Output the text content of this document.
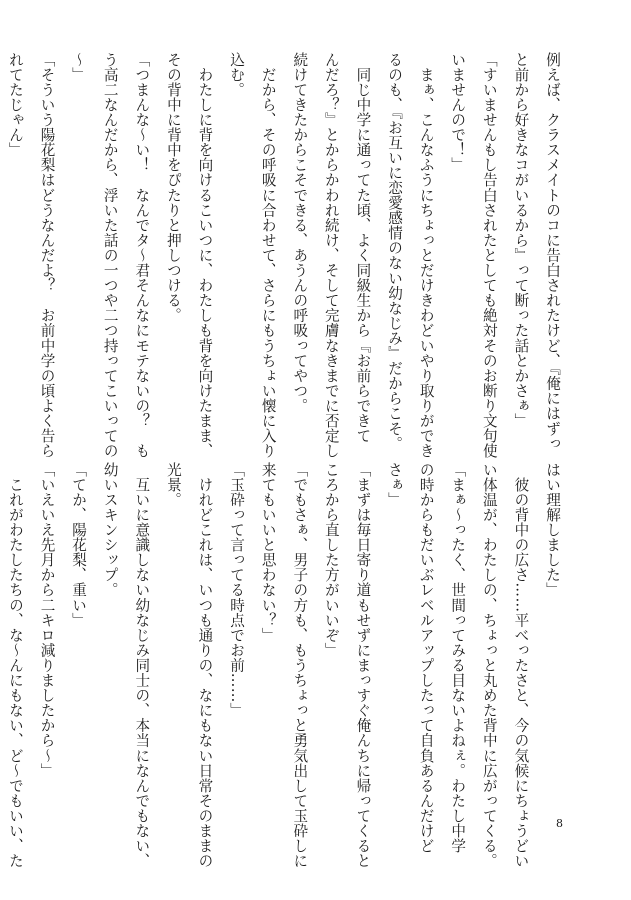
例えば、クラスメイトのコに告白されたけど、『俺にはずっ
と前から好きなコがいるから』って断った話とかさぁ」
「すいませんもし告白されたとしても絶対そのお断り文句使
いませんので！」
　まぁ、こんなふうにちょっとだけきわどいやり取りができ
るのも、『お互いに恋愛感情のない幼なじみ』だからこそ。
　同じ中学に通ってた頃、よく同級生から『お前らできて
んだろ？』とからかわれ続け、そして完膚なきまでに否定し
続けてきたからこそできる、あうんの呼吸ってやつ。
　だから、その呼吸に合わせて、さらにもうちょい懐に入り
込む。
　わたしに背を向けるこいつに、わたしも背を向けたまま、
その背中に背中をぴたりと押しつける。
「つまんな～い！　なんでタ～君そんなにモテないの？　も
う高二なんだから、浮いた話の一つや二つ持ってこいっての
～」
「そういう陽花梨はどうなんだよ？　お前中学の頃よく告ら
れてたじゃん」
はい理解しました」
　彼の背中の広さ……平べったさと、今の気候にちょうどい
い体温が、わたしの、ちょっと丸めた背中に広がってくる。
「まぁ～ったく、世間ってみる目ないよねぇ。わたし中学
の時からもだいぶレベルアップしたって自負あるんだけど
さぁ」
「まずは毎日寄り道もせずにまっすぐ俺んちに帰ってくると
ころから直した方がいいぞ」
「でもさぁ、男子の方も、もうちょっと勇気出して玉砕しに
来てもいいと思わない？」
「玉砕って言ってる時点でお前……」
　けれどこれは、いつも通りの、なにもない日常そのままの
光景。
　互いに意識しない幼なじみ同士の、本当になんでもない、
幼いスキンシップ。
「てか、陽花梨、重い」
「いえいえ先月から二キロ減りましたから～」
　これがわたしたちの、な～んにもない、ど～でもいい、た	8
